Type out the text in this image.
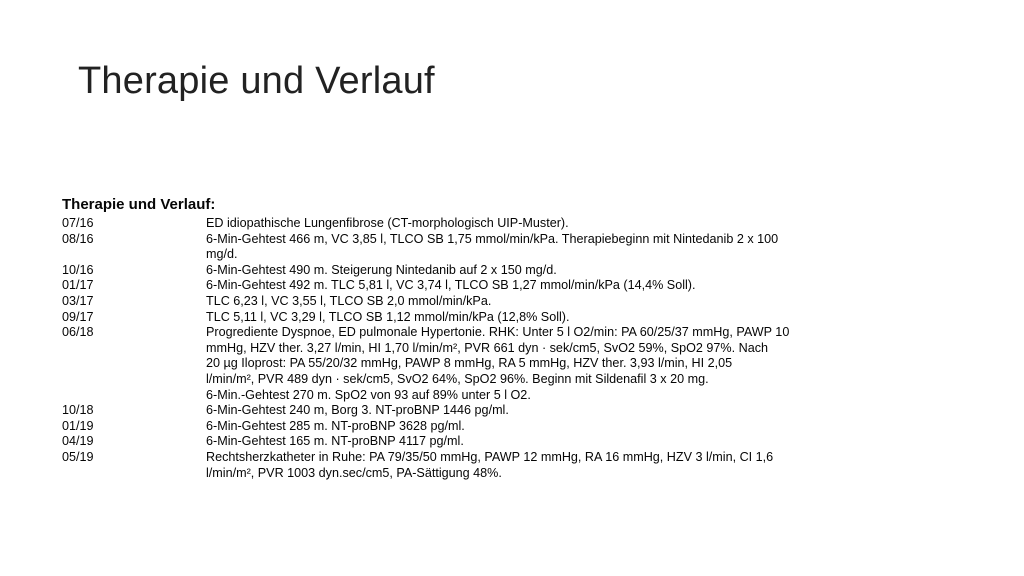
Therapie und Verlauf
Therapie und Verlauf:
07/16	ED idiopathische Lungenfibrose (CT-morphologisch UIP-Muster).
08/16	6-Min-Gehtest 466 m, VC 3,85 l, TLCO SB 1,75 mmol/min/kPa. Therapiebeginn mit Nintedanib 2 x 100
mg/d.
10/16	6-Min-Gehtest 490 m. Steigerung Nintedanib auf 2 x 150 mg/d.
01/17	6-Min-Gehtest 492 m. TLC 5,81 l, VC 3,74 l, TLCO SB 1,27 mmol/min/kPa (14,4% Soll).
03/17	TLC 6,23 l, VC 3,55 l, TLCO SB 2,0 mmol/min/kPa.
09/17	TLC 5,11 l, VC 3,29 l, TLCO SB 1,12 mmol/min/kPa (12,8% Soll).
06/18	Progrediente Dyspnoe, ED pulmonale Hypertonie. RHK: Unter 5 l O2/min: PA 60/25/37 mmHg, PAWP 10
mmHg, HZV ther. 3,27 l/min, HI 1,70 l/min/m², PVR 661 dyn · sek/cm5, SvO2 59%, SpO2 97%. Nach
20 µg Iloprost: PA 55/20/32 mmHg, PAWP 8 mmHg, RA 5 mmHg, HZV ther. 3,93 l/min, HI 2,05
l/min/m², PVR 489 dyn · sek/cm5, SvO2 64%, SpO2 96%. Beginn mit Sildenafil 3 x 20 mg.
6-Min.-Gehtest 270 m. SpO2 von 93 auf 89% unter 5 l O2.
10/18	6-Min-Gehtest 240 m, Borg 3. NT-proBNP 1446 pg/ml.
01/19	6-Min-Gehtest 285 m. NT-proBNP 3628 pg/ml.
04/19	6-Min-Gehtest 165 m. NT-proBNP 4117 pg/ml.
05/19	Rechtsherzkatheter in Ruhe: PA 79/35/50 mmHg, PAWP 12 mmHg, RA 16 mmHg, HZV 3 l/min, CI 1,6
l/min/m², PVR 1003 dyn.sec/cm5, PA-Sättigung 48%.
